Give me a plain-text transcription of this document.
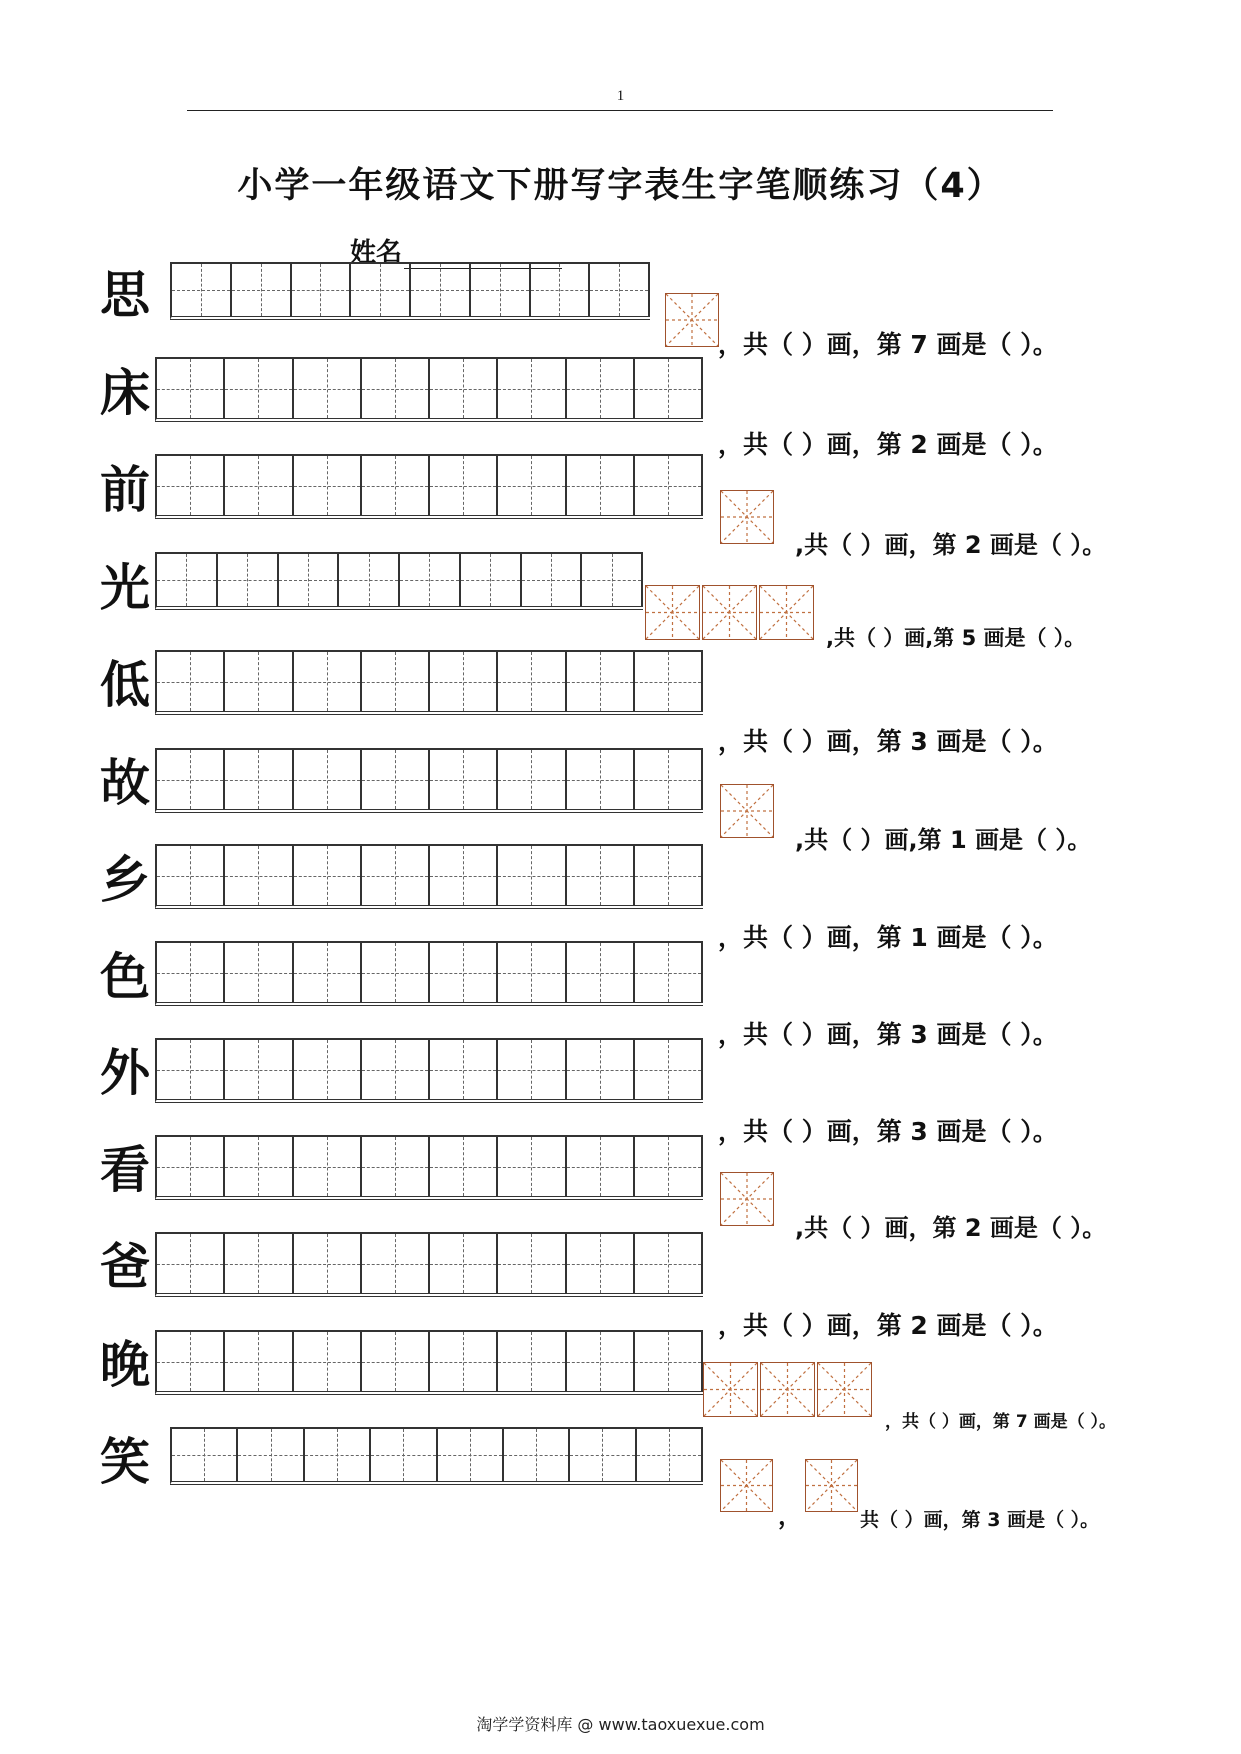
1
小学一年级语文下册写字表生字笔顺练习（4）
姓名
思
，共（ ）画，第 7 画是（ ）。
床
，共（ ）画，第 2 画是（ ）。
前
,共（ ）画，第 2 画是（ ）。
光
,共（ ）画,第 5 画是（ ）。
低
，共（ ）画，第 3 画是（ ）。
故
,共（ ）画,第 1 画是（ ）。
乡
，共（ ）画，第 1 画是（ ）。
色
，共（ ）画，第 3 画是（ ）。
外
，共（ ）画，第 3 画是（ ）。
看
,共（ ）画，第 2 画是（ ）。
爸
，共（ ）画，第 2 画是（ ）。
晚
，共（ ）画，第 7 画是（ ）。
笑
，	共（ ）画，第 3 画是（ ）。
淘学学资料库 @ www.taoxuexue.com
